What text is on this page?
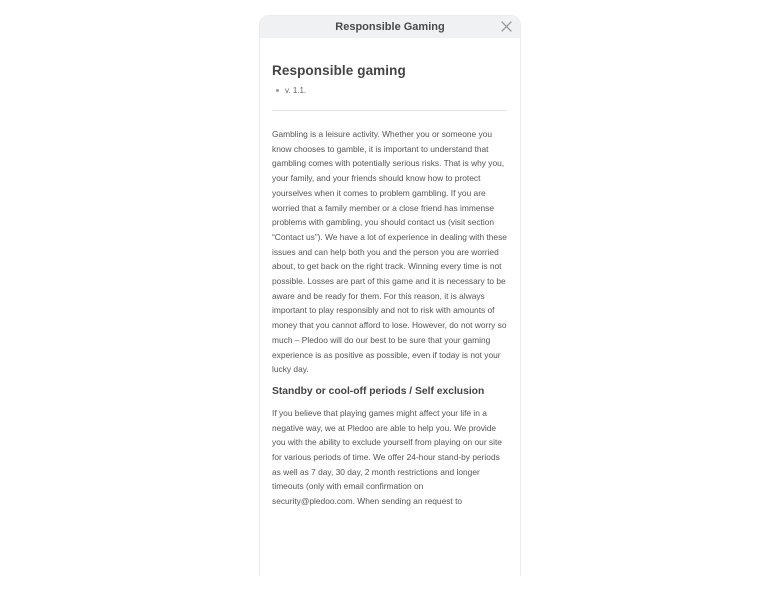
Responsible Gaming
Responsible gaming
v. 1.1.

Gambling is a leisure activity. Whether you or someone you know chooses to gamble, it is important to understand that gambling comes with potentially serious risks. That is why you, your family, and your friends should know how to protect yourselves when it comes to problem gambling. If you are worried that a family member or a close friend has immense problems with gambling, you should contact us (visit section “Contact us”). We have a lot of experience in dealing with these issues and can help both you and the person you are worried about, to get back on the right track. Winning every time is not possible. Losses are part of this game and it is necessary to be aware and be ready for them. For this reason, it is always important to play responsibly and not to risk with amounts of money that you cannot afford to lose. However, do not worry so much – Pledoo will do our best to be sure that your gaming experience is as positive as possible, even if today is not your lucky day.

Standby or cool-off periods / Self exclusion

If you believe that playing games might affect your life in a negative way, we at Pledoo are able to help you. We provide you with the ability to exclude yourself from playing on our site for various periods of time. We offer 24-hour stand-by periods as well as 7 day, 30 day, 2 month restrictions and longer timeouts (only with email confirmation on security@pledoo.com. When sending an request to
